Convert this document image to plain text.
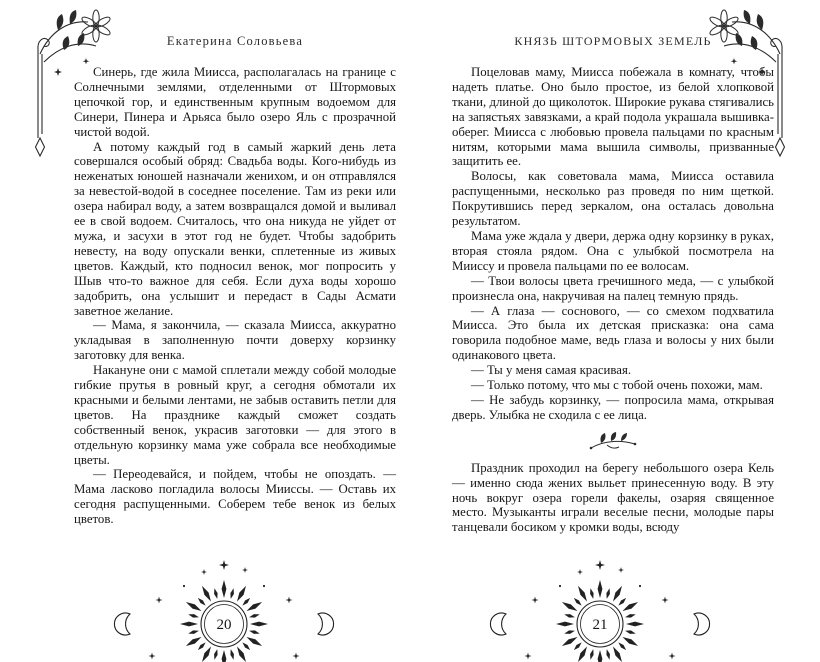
Екатерина Соловьева

Синерь, где жила Миисса, располагалась на границе с Солнечными землями, отделенными от Штормовых цепочкой гор, и единственным крупным водоемом для Синери, Пинера и Арьяса было озеро Яль с прозрачной чистой водой.

А потому каждый год в самый жаркий день лета совершался особый обряд: Свадьба воды. Кого-нибудь из неженатых юношей назначали женихом, и он отправлялся за невестой-водой в соседнее поселение. Там из реки или озера набирал воду, а затем возвращался домой и выливал ее в свой водоем. Считалось, что она никуда не уйдет от мужа, и засухи в этот год не будет. Чтобы задобрить невесту, на воду опускали венки, сплетенные из живых цветов. Каждый, кто подносил венок, мог попросить у Шыв что-то важное для себя. Если духа воды хорошо задобрить, она услышит и передаст в Сады Асмати заветное желание.

— Мама, я закончила, — сказала Миисса, аккуратно укладывая в заполненную почти доверху корзинку заготовку для венка.

Накануне они с мамой сплетали между собой молодые гибкие прутья в ровный круг, а сегодня обмотали их красными и белыми лентами, не забыв оставить петли для цветов. На празднике каждый сможет создать собственный венок, украсив заготовки — для этого в отдельную корзинку мама уже собрала все необходимые цветы.

— Переодевайся, и пойдем, чтобы не опоздать. — Мама ласково погладила волосы Мииссы. — Оставь их сегодня распущенными. Соберем тебе венок из белых цветов.

КНЯЗЬ ШТОРМОВЫХ ЗЕМЕЛЬ

Поцеловав маму, Миисса побежала в комнату, чтобы надеть платье. Оно было простое, из белой хлопковой ткани, длиной до щиколоток. Широкие рукава стягивались на запястьях завязками, а край подола украшала вышивка-оберег. Миисса с любовью провела пальцами по красным нитям, которыми мама вышила символы, призванные защитить ее.

Волосы, как советовала мама, Миисса оставила распущенными, несколько раз проведя по ним щеткой. Покрутившись перед зеркалом, она осталась довольна результатом.

Мама уже ждала у двери, держа одну корзинку в руках, вторая стояла рядом. Она с улыбкой посмотрела на Мииссу и провела пальцами по ее волосам.

— Твои волосы цвета гречишного меда, — с улыбкой произнесла она, накручивая на палец темную прядь.

— А глаза — соснового, — со смехом подхватила Миисса. Это была их детская присказка: она сама говорила подобное маме, ведь глаза и волосы у них были одинакового цвета.

— Ты у меня самая красивая.

— Только потому, что мы с тобой очень похожи, мам.

— Не забудь корзинку, — попросила мама, открывая дверь. Улыбка не сходила с ее лица.

Праздник проходил на берегу небольшого озера Кель — именно сюда жених выльет принесенную воду. В эту ночь вокруг озера горели факелы, озаряя священное место. Музыканты играли веселые песни, молодые пары танцевали босиком у кромки воды, всюду

20	21
